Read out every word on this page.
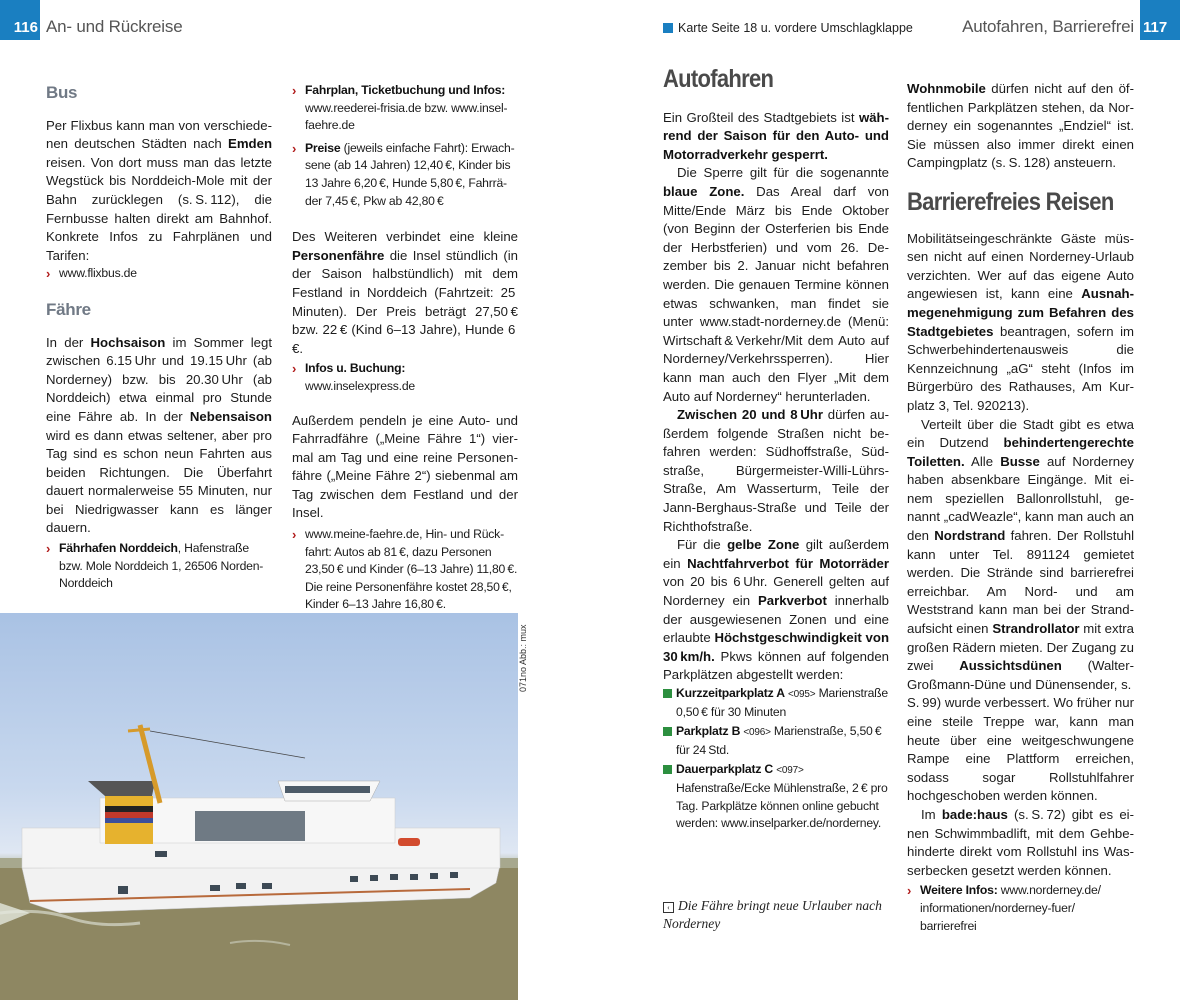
116 An- und Rückreise	Karte Seite 18 u. vordere Umschlagklappe	Autofahren, Barrierefrei 117
Bus

Per Flixbus kann man von verschiedenen deutschen Städten nach Emden reisen. Von dort muss man das letzte Wegstück bis Norddeich-Mole mit der Bahn zurücklegen (s. S. 112), die Fernbusse halten direkt am Bahnhof. Konkrete Infos zu Fahrplänen und Tarifen:

› www.flixbus.de
Fähre

In der Hochsaison im Sommer legt zwischen 6.15 Uhr und 19.15 Uhr (ab Norderney) bzw. bis 20.30 Uhr (ab Norddeich) etwa einmal pro Stunde eine Fähre ab. In der Nebensaison wird es dann etwas seltener, aber pro Tag sind es schon neun Fahrten aus beiden Richtungen. Die Überfahrt dauert normalerweise 55 Minuten, nur bei Niedrigwasser kann es länger dauern.

› Fährhafen Norddeich, Hafenstraße bzw. Mole Norddeich 1, 26506 Norden-Norddeich
› Fahrplan, Ticketbuchung und Infos: www.reederei-frisia.de bzw. www.inselfaehre.de
› Preise (jeweils einfache Fahrt): Erwachsene (ab 14 Jahren) 12,40 €, Kinder bis 13 Jahre 6,20 €, Hunde 5,80 €, Fahrräder 7,45 €, Pkw ab 42,80 €

Des Weiteren verbindet eine kleine Personenfähre die Insel stündlich (in der Saison halbstündlich) mit dem Festland in Norddeich (Fahrtzeit: 25 Minuten). Der Preis beträgt 27,50 € bzw. 22 € (Kind 6–13 Jahre), Hunde 6 €.

› Infos u. Buchung: www.inselexpress.de

Außerdem pendeln je eine Auto- und Fahrradfähre („Meine Fähre 1“) viermal am Tag und eine reine Personenfähre („Meine Fähre 2“) siebenmal am Tag zwischen dem Festland und der Insel.

› www.meine-faehre.de, Hin- und Rückfahrt: Autos ab 81 €, dazu Personen 23,50 € und Kinder (6–13 Jahre) 11,80 €. Die reine Personenfähre kostet 28,50 €, Kinder 6–13 Jahre 16,80 €.
071no Abb.: mux
Autofahren

Ein Großteil des Stadtgebiets ist während der Saison für den Auto- und Motorradverkehr gesperrt.

Die Sperre gilt für die sogenannte blaue Zone. Das Areal darf von Mitte/Ende März bis Ende Oktober (von Beginn der Osterferien bis Ende der Herbstferien) und vom 26. Dezember bis 2. Januar nicht befahren werden. Die genauen Termine können etwas schwanken, man findet sie unter www.stadt-norderney.​de (Menü: Wirtschaft & Verkehr/Mit dem Auto auf Norderney/Verkehrssperren). Hier kann man auch den Flyer „Mit dem Auto auf Norderney“ herunterladen.

Zwischen 20 und 8 Uhr dürfen außerdem folgende Straßen nicht befahren werden: Südhoffstraße, Südstraße, Bürgermeister-Willi-Lührs-Straße, Am Wasserturm, Teile der Jann-Berghaus-Straße und Teile der Richthofstraße.

Für die gelbe Zone gilt außerdem ein Nachtfahrverbot für Motorräder von 20 bis 6 Uhr. Generell gelten auf Norderney ein Parkverbot innerhalb der ausgewiesenen Zonen und eine erlaubte Höchstgeschwindigkeit von 30 km/h. Pkws können auf folgenden Parkplätzen abgestellt werden:

Kurzzeitparkplatz A <095> Marienstraße 0,50 € für 30 Minuten
Parkplatz B <096> Marienstraße, 5,50 € für 24 Std.
Dauerparkplatz C <097> Hafenstraße/Ecke Mühlenstraße, 2 € pro Tag. Parkplätze können online gebucht werden: www.inselparker.de/norderney.
‹ Die Fähre bringt neue Urlauber nach Norderney

Wohnmobile dürfen nicht auf den öffentlichen Parkplätzen stehen, da Norderney ein sogenanntes „Endziel“ ist. Sie müssen also immer direkt einen Campingplatz (s. S. 128) ansteuern.

Barrierefreies Reisen

Mobilitätseingeschränkte Gäste müssen nicht auf einen Norderney-Urlaub verzichten. Wer auf das eigene Auto angewiesen ist, kann eine Ausnahmegenehmigung zum Befahren des Stadtgebietes beantragen, sofern im Schwerbehindertenausweis die Kennzeichnung „aG“ steht (Infos im Bürgerbüro des Rathauses, Am Kurplatz 3, Tel. 920213).

Verteilt über die Stadt gibt es etwa ein Dutzend behindertengerechte Toiletten. Alle Busse auf Norderney haben absenkbare Eingänge. Mit einem speziellen Ballonrollstuhl, genannt „cadWeazle“, kann man auch an den Nordstrand fahren. Der Rollstuhl kann unter Tel. 891124 gemietet werden. Die Strände sind barrierefrei erreichbar. Am Nord- und am Weststrand kann man bei der Strandaufsicht einen Strandrollator mit extra großen Rädern mieten. Der Zugang zu zwei Aussichtsdünen (Walter-Großmann-Düne und Dünensender, s. S. 99) wurde verbessert. Wo früher nur eine steile Treppe war, kann man heute über eine weitgeschwungene Rampe eine Plattform erreichen, sodass sogar Rollstuhlfahrer hochgeschoben werden können.

Im bade:haus (s. S. 72) gibt es einen Schwimmbadlift, mit dem Gehbehinderte direkt vom Rollstuhl ins Wasserbecken gesetzt werden können.

› Weitere Infos: www.norderney.de/ informationen/norderney-fuer/ barrierefrei
